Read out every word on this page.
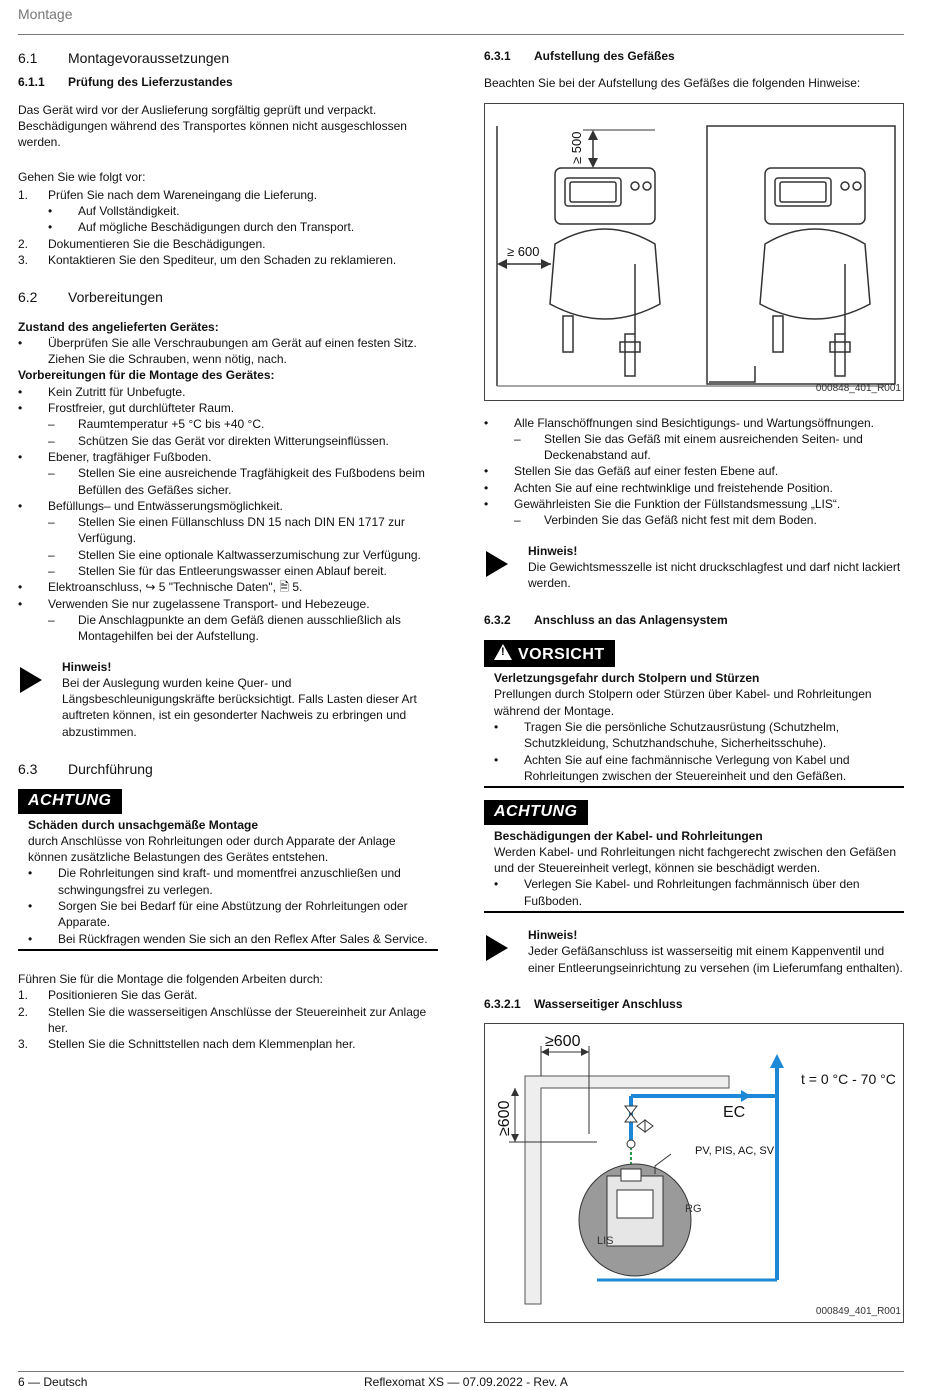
Montage
6.1	Montagevoraussetzungen
6.1.1	Prüfung des Lieferzustandes

Das Gerät wird vor der Auslieferung sorgfältig geprüft und verpackt. Beschädigungen während des Transportes können nicht ausgeschlossen werden.

Gehen Sie wie folgt vor:

1. Prüfen Sie nach dem Wareneingang die Lieferung.
• Auf Vollständigkeit.
• Auf mögliche Beschädigungen durch den Transport.
2. Dokumentieren Sie die Beschädigungen.
3. Kontaktieren Sie den Spediteur, um den Schaden zu reklamieren.
6.2	Vorbereitungen

Zustand des angelieferten Gerätes:

• Überprüfen Sie alle Verschraubungen am Gerät auf einen festen Sitz. Ziehen Sie die Schrauben, wenn nötig, nach.

Vorbereitungen für die Montage des Gerätes:

• Kein Zutritt für Unbefugte.
• Frostfreier, gut durchlüfteter Raum.
– Raumtemperatur +5 °C bis +40 °C.
– Schützen Sie das Gerät vor direkten Witterungseinflüssen.
• Ebener, tragfähiger Fußboden.
– Stellen Sie eine ausreichende Tragfähigkeit des Fußbodens beim Befüllen des Gefäßes sicher.
• Befüllungs– und Entwässerungsmöglichkeit.
– Stellen Sie einen Füllanschluss DN 15 nach DIN EN 1717 zur Verfügung.
– Stellen Sie eine optionale Kaltwasserzumischung zur Verfügung.
– Stellen Sie für das Entleerungswasser einen Ablauf bereit.
• Elektroanschluss, ↪ 5 "Technische Daten", 🗎 5.
• Verwenden Sie nur zugelassene Transport- und Hebezeuge.
– Die Anschlagpunkte an dem Gefäß dienen ausschließlich als Montagehilfen bei der Aufstellung.

Hinweis!

Bei der Auslegung wurden keine Quer- und Längsbeschleunigungskräfte berücksichtigt. Falls Lasten dieser Art auftreten können, ist ein gesonderter Nachweis zu erbringen und abzustimmen.

6.3	Durchführung
ACHTUNG

Schäden durch unsachgemäße Montage

durch Anschlüsse von Rohrleitungen oder durch Apparate der Anlage können zusätzliche Belastungen des Gerätes entstehen.

• Die Rohrleitungen sind kraft- und momentfrei anzuschließen und schwingungsfrei zu verlegen.
• Sorgen Sie bei Bedarf für eine Abstützung der Rohrleitungen oder Apparate.
• Bei Rückfragen wenden Sie sich an den Reflex After Sales & Service.

Führen Sie für die Montage die folgenden Arbeiten durch:

1. Positionieren Sie das Gerät.
2. Stellen Sie die wasserseitigen Anschlüsse der Steuereinheit zur Anlage her.
3. Stellen Sie die Schnittstellen nach dem Klemmenplan her.
6.3.1	Aufstellung des Gefäßes

Beachten Sie bei der Aufstellung des Gefäßes die folgenden Hinweise:

≥ 500
≥ 600
000848_401_R001
• Alle Flanschöffnungen sind Besichtigungs- und Wartungsöffnungen.
– Stellen Sie das Gefäß mit einem ausreichenden Seiten- und Deckenabstand auf.
• Stellen Sie das Gefäß auf einer festen Ebene auf.
• Achten Sie auf eine rechtwinklige und freistehende Position.
• Gewährleisten Sie die Funktion der Füllstandsmessung „LIS“.
– Verbinden Sie das Gefäß nicht fest mit dem Boden.

Hinweis!

Die Gewichtsmesszelle ist nicht druckschlagfest und darf nicht lackiert werden.

6.3.2	Anschluss an das Anlagensystem
! VORSICHT

Verletzungsgefahr durch Stolpern und Stürzen

Prellungen durch Stolpern oder Stürzen über Kabel- und Rohrleitungen während der Montage.

• Tragen Sie die persönliche Schutzausrüstung (Schutzhelm, Schutzkleidung, Schutzhandschuhe, Sicherheitsschuhe).
• Achten Sie auf eine fachmännische Verlegung von Kabel und Rohrleitungen zwischen der Steuereinheit und den Gefäßen.
ACHTUNG

Beschädigungen der Kabel- und Rohrleitungen

Werden Kabel- und Rohrleitungen nicht fachgerecht zwischen den Gefäßen und der Steuereinheit verlegt, können sie beschädigt werden.

• Verlegen Sie Kabel- und Rohrleitungen fachmännisch über den Fußboden.

Hinweis!

Jeder Gefäßanschluss ist wasserseitig mit einem Kappenventil und einer Entleerungseinrichtung zu versehen (im Lieferumfang enthalten).

6.3.2.1	Wasserseitiger Anschluss
≥600
≥600
t = 0 °C - 70 °C
EC
PV, PIS, AC, SV
RG
LIS
000849_401_R001
6 — Deutsch	Reflexomat XS — 07.09.2022 - Rev. A
